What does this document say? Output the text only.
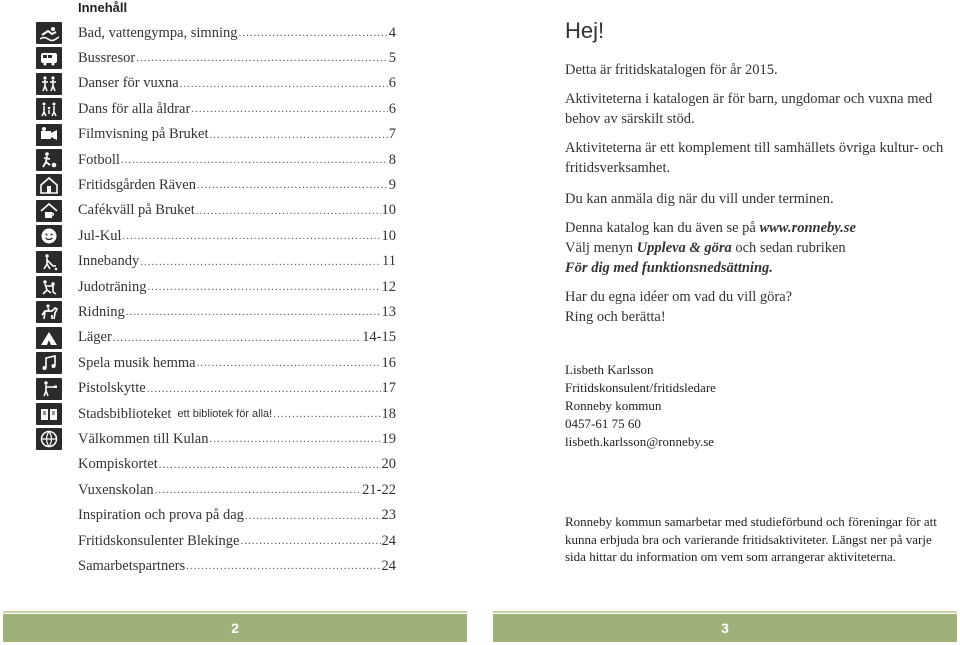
Innehåll
Bad, vattengympa, simning .....	4
Bussresor .....	5
Danser för vuxna .....	6
Dans för alla åldrar .....	6
Filmvisning på Bruket .....	7
Fotboll .....	8
Fritidsgården Räven .....	9
Cafékväll på Bruket .....	10
Jul-Kul .....	10
Innebandy .....	11
Judoträning .....	12
Ridning .....	13
Läger .....	14-15
Spela musik hemma .....	16
Pistolskytte .....	17
Stadsbiblioteket ett bibliotek för alla! .....	18
Välkommen till Kulan .....	19
Kompiskortet .....	20
Vuxenskolan .....	21-22
Inspiration och prova på dag .....	23
Fritidskonsulenter Blekinge .....	24
Samarbetspartners .....	24
Hej!
Detta är fritidskatalogen för år 2015.
Aktiviteterna i katalogen är för barn, ungdomar och vuxna med behov av särskilt stöd.
Aktiviteterna är ett komplement till samhällets övriga kultur- och fritidsverksamhet.
Du kan anmäla dig när du vill under terminen.
Denna katalog kan du även se på www.ronneby.se
Välj menyn Uppleva & göra och sedan rubriken
För dig med funktionsnedsättning.
Har du egna idéer om vad du vill göra?
Ring och berätta!
Lisbeth Karlsson
Fritidskonsulent/fritidsledare
Ronneby kommun
0457-61 75 60
lisbeth.karlsson@ronneby.se
Ronneby kommun samarbetar med studieförbund och föreningar för att kunna erbjuda bra och varierande fritidsaktiviteter. Längst ner på varje sida hittar du information om vem som arrangerar aktiviteterna.
2	3
